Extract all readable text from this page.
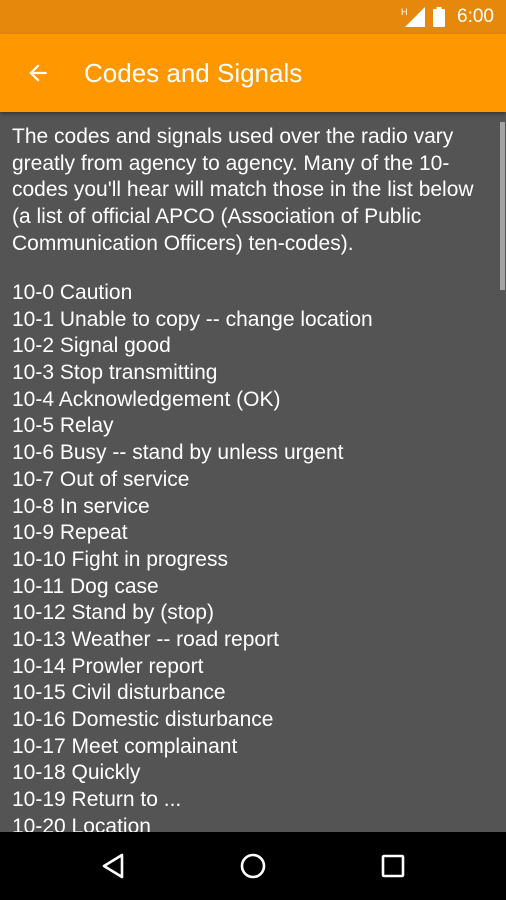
H	6:00
Codes and Signals

The codes and signals used over the radio vary greatly from agency to agency. Many of the 10-codes you'll hear will match those in the list below (a list of official APCO (Association of Public Communication Officers) ten-codes).

10-0 Caution
10-1 Unable to copy -- change location
10-2 Signal good
10-3 Stop transmitting
10-4 Acknowledgement (OK)
10-5 Relay
10-6 Busy -- stand by unless urgent
10-7 Out of service
10-8 In service
10-9 Repeat
10-10 Fight in progress
10-11 Dog case
10-12 Stand by (stop)
10-13 Weather -- road report
10-14 Prowler report
10-15 Civil disturbance
10-16 Domestic disturbance
10-17 Meet complainant
10-18 Quickly
10-19 Return to ...
10-20 Location
